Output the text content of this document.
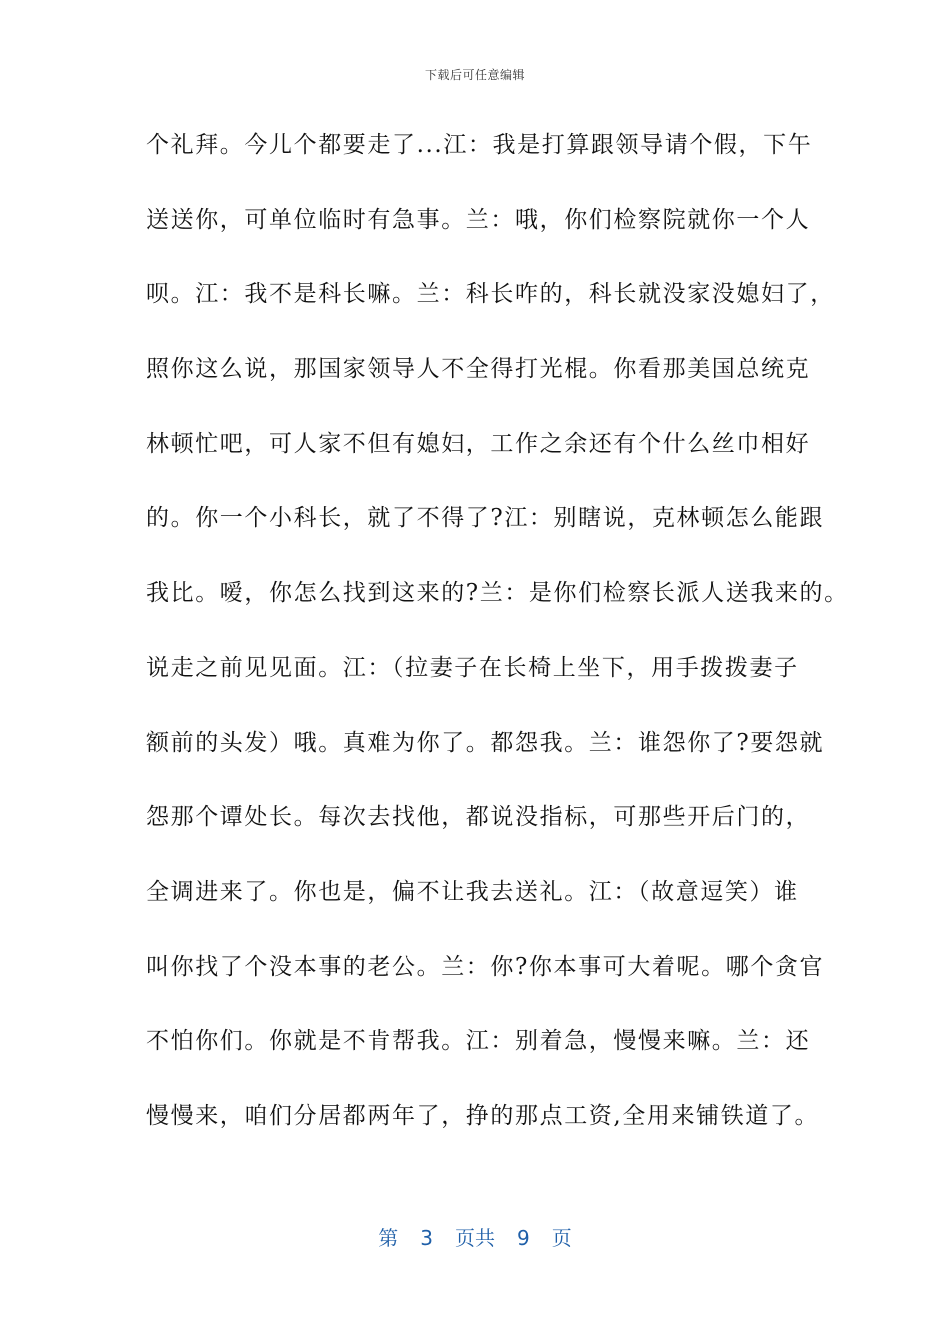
下载后可任意编辑
个礼拜。今儿个都要走了...江：我是打算跟领导请个假，下午
送送你，可单位临时有急事。兰：哦，你们检察院就你一个人
呗。江：我不是科长嘛。兰：科长咋的，科长就没家没媳妇了，
照你这么说，那国家领导人不全得打光棍。你看那美国总统克
林顿忙吧，可人家不但有媳妇，工作之余还有个什么丝巾相好
的。你一个小科长，就了不得了?江：别瞎说，克林顿怎么能跟
我比。嗳，你怎么找到这来的?兰：是你们检察长派人送我来的。
说走之前见见面。江：（拉妻子在长椅上坐下，用手拨拨妻子
额前的头发）哦。真难为你了。都怨我。兰：谁怨你了?要怨就
怨那个谭处长。每次去找他，都说没指标，可那些开后门的，
全调进来了。你也是，偏不让我去送礼。江：（故意逗笑）谁
叫你找了个没本事的老公。兰：你?你本事可大着呢。哪个贪官
不怕你们。你就是不肯帮我。江：别着急，慢慢来嘛。兰：还
慢慢来，咱们分居都两年了，挣的那点工资,全用来铺铁道了。
第 3 页共 9 页
